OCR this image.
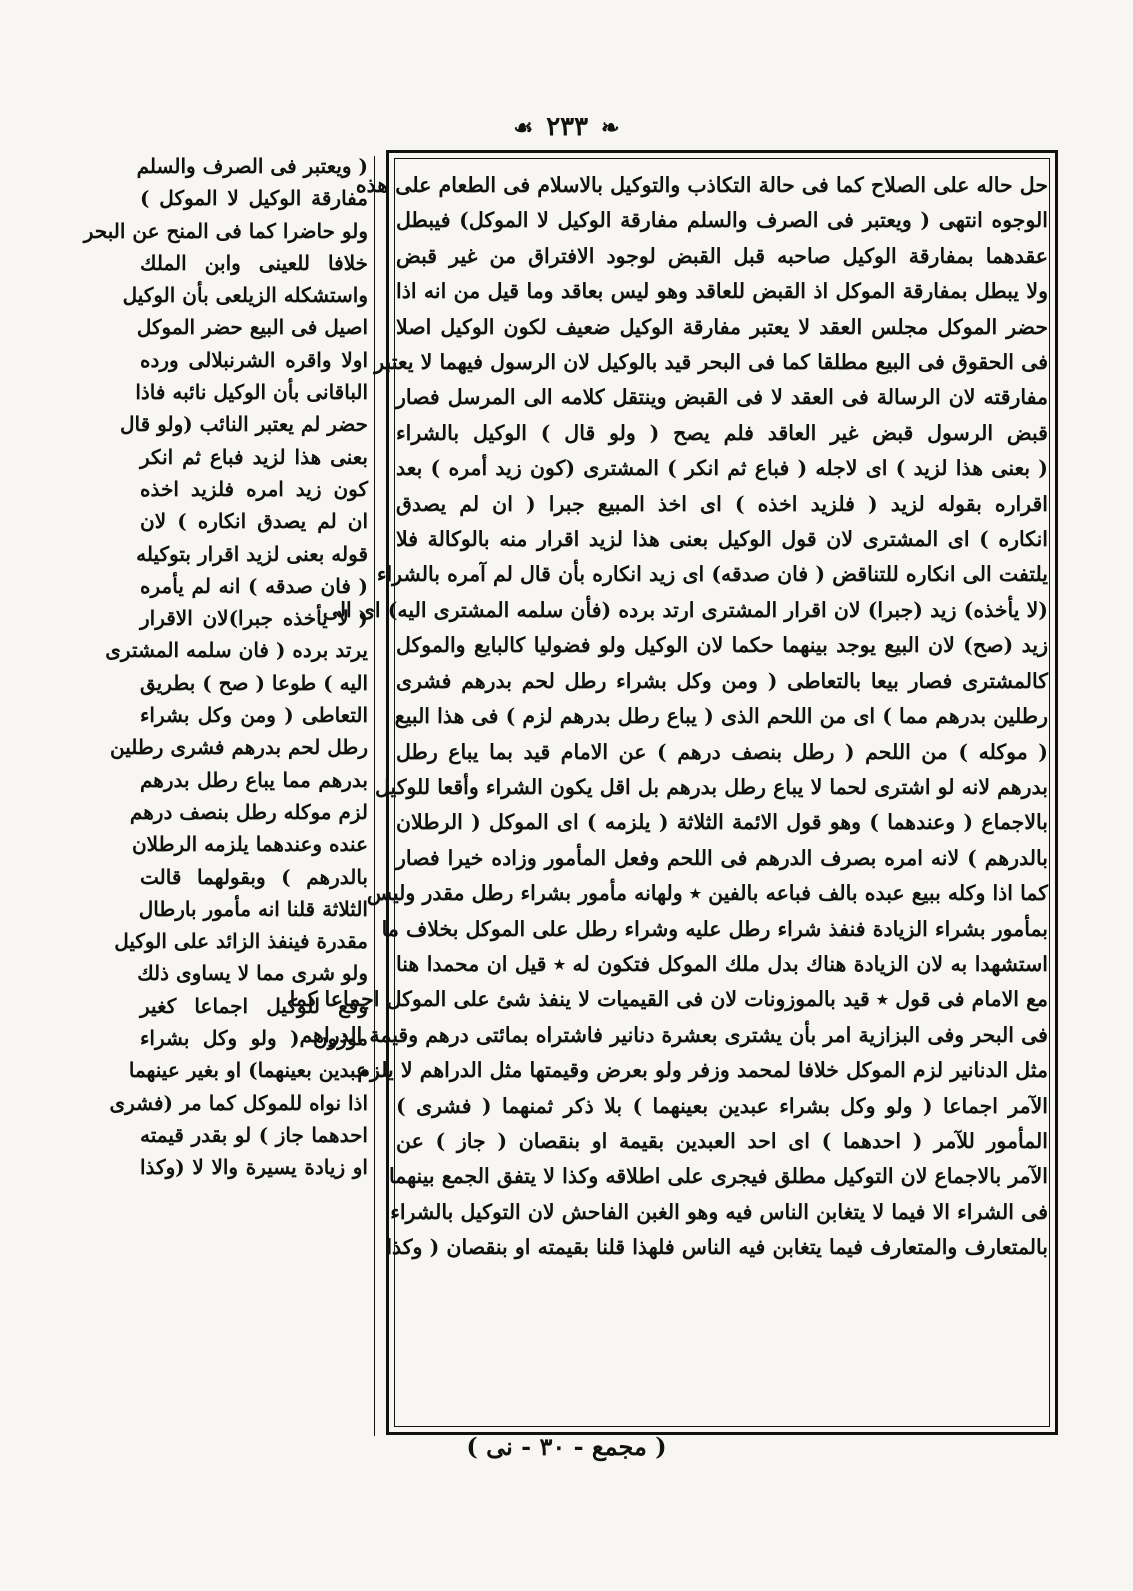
❧ ٢٣٣ ☙
حل حاله على الصلاح كما فى حالة التكاذب والتوكيل بالاسلام فى الطعام على هذه
الوجوه انتهى ( ويعتبر فى الصرف والسلم مفارقة الوكيل لا الموكل) فيبطل
عقدهما بمفارقة الوكيل صاحبه قبل القبض لوجود الافتراق من غير قبض
ولا يبطل بمفارقة الموكل اذ القبض للعاقد وهو ليس بعاقد وما قيل من انه اذا
حضر الموكل مجلس العقد لا يعتبر مفارقة الوكيل ضعيف لكون الوكيل اصلا
فى الحقوق فى البيع مطلقا كما فى البحر قيد بالوكيل لان الرسول فيهما لا يعتبر
مفارقته لان الرسالة فى العقد لا فى القبض وينتقل كلامه الى المرسل فصار
قبض الرسول قبض غير العاقد فلم يصح ( ولو قال ) الوكيل بالشراء
( بعنى هذا لزيد ) اى لاجله ( فباع ثم انكر ) المشترى (كون زيد أمره ) بعد
اقراره بقوله لزيد ( فلزيد اخذه ) اى اخذ المبيع جبرا ( ان لم يصدق
انكاره ) اى المشترى لان قول الوكيل بعنى هذا لزيد اقرار منه بالوكالة فلا
يلتفت الى انكاره للتناقض ( فان صدقه) اى زيد انكاره بأن قال لم آمره بالشراء
(لا يأخذه) زيد (جبرا) لان اقرار المشترى ارتد برده (فأن سلمه المشترى اليه) اى الى
زيد (صح) لان البيع يوجد بينهما حكما لان الوكيل ولو فضوليا كالبايع والموكل
كالمشترى فصار بيعا بالتعاطى ( ومن وكل بشراء رطل لحم بدرهم فشرى
رطلين بدرهم مما ) اى من اللحم الذى ( يباع رطل بدرهم لزم ) فى هذا البيع
( موكله ) من اللحم ( رطل بنصف درهم ) عن الامام قيد بما يباع رطل
بدرهم لانه لو اشترى لحما لا يباع رطل بدرهم بل اقل يكون الشراء وأقعا للوكيل
بالاجماع ( وعندهما ) وهو قول الائمة الثلاثة ( يلزمه ) اى الموكل ( الرطلان
بالدرهم ) لانه امره بصرف الدرهم فى اللحم وفعل المأمور وزاده خيرا فصار
كما اذا وكله ببيع عبده بالف فباعه بالفين ٭ ولهانه مأمور بشراء رطل مقدر وليس
بمأمور بشراء الزيادة فنفذ شراء رطل عليه وشراء رطل على الموكل بخلاف ما
استشهدا به لان الزيادة هناك بدل ملك الموكل فتكون له ٭ قيل ان محمدا هنا
مع الامام فى قول ٭ قيد بالموزونات لان فى القيميات لا ينفذ شئ على الموكل اجماعا كما
فى البحر وفى البزازية امر بأن يشترى بعشرة دنانير فاشتراه بمائتى درهم وقيمة الدراهم
مثل الدنانير لزم الموكل خلافا لمحمد وزفر ولو بعرض وقيمتها مثل الدراهم لا يلزم
الآمر اجماعا ( ولو وكل بشراء عبدين بعينهما ) بلا ذكر ثمنهما ( فشرى )
المأمور للآمر ( احدهما ) اى احد العبدين بقيمة او بنقصان ( جاز ) عن
الآمر بالاجماع لان التوكيل مطلق فيجرى على اطلاقه وكذا لا يتفق الجمع بينهما
فى الشراء الا فيما لا يتغابن الناس فيه وهو الغبن الفاحش لان التوكيل بالشراء
بالمتعارف والمتعارف فيما يتغابن فيه الناس فلهذا قلنا بقيمته او بنقصان ( وكذا
( ويعتبر فى الصرف والسلم
مفارقة الوكيل لا الموكل )
ولو حاضرا كما فى المنح عن البحر
خلافا للعينى وابن الملك
واستشكله الزيلعى بأن الوكيل
اصيل فى البيع حضر الموكل
اولا واقره الشرنبلالى ورده
الباقانى بأن الوكيل نائبه فاذا
حضر لم يعتبر النائب (ولو قال
بعنى هذا لزيد فباع ثم انكر
كون زيد امره فلزيد اخذه
ان لم يصدق انكاره ) لان
قوله بعنى لزيد اقرار بتوكيله
( فان صدقه ) انه لم يأمره
( لا يأخذه جبرا)لان الاقرار
يرتد برده ( فان سلمه المشترى
اليه ) طوعا ( صح ) بطريق
التعاطى ( ومن وكل بشراء
رطل لحم بدرهم فشرى رطلين
بدرهم مما يباع رطل بدرهم
لزم موكله رطل بنصف درهم
عنده وعندهما يلزمه الرطلان
بالدرهم ) وبقولهما قالت
الثلاثة قلنا انه مأمور بارطال
مقدرة فينفذ الزائد على الوكيل
ولو شرى مما لا يساوى ذلك
وقع للوكيل اجماعا كغير
موزون ( ولو وكل بشراء
عبدين بعينهما) او بغير عينهما
اذا نواه للموكل كما مر (فشرى
احدهما جاز ) لو بقدر قيمته
او زيادة يسيرة والا لا (وكذا
( مجمع - ٣٠ - نى )
